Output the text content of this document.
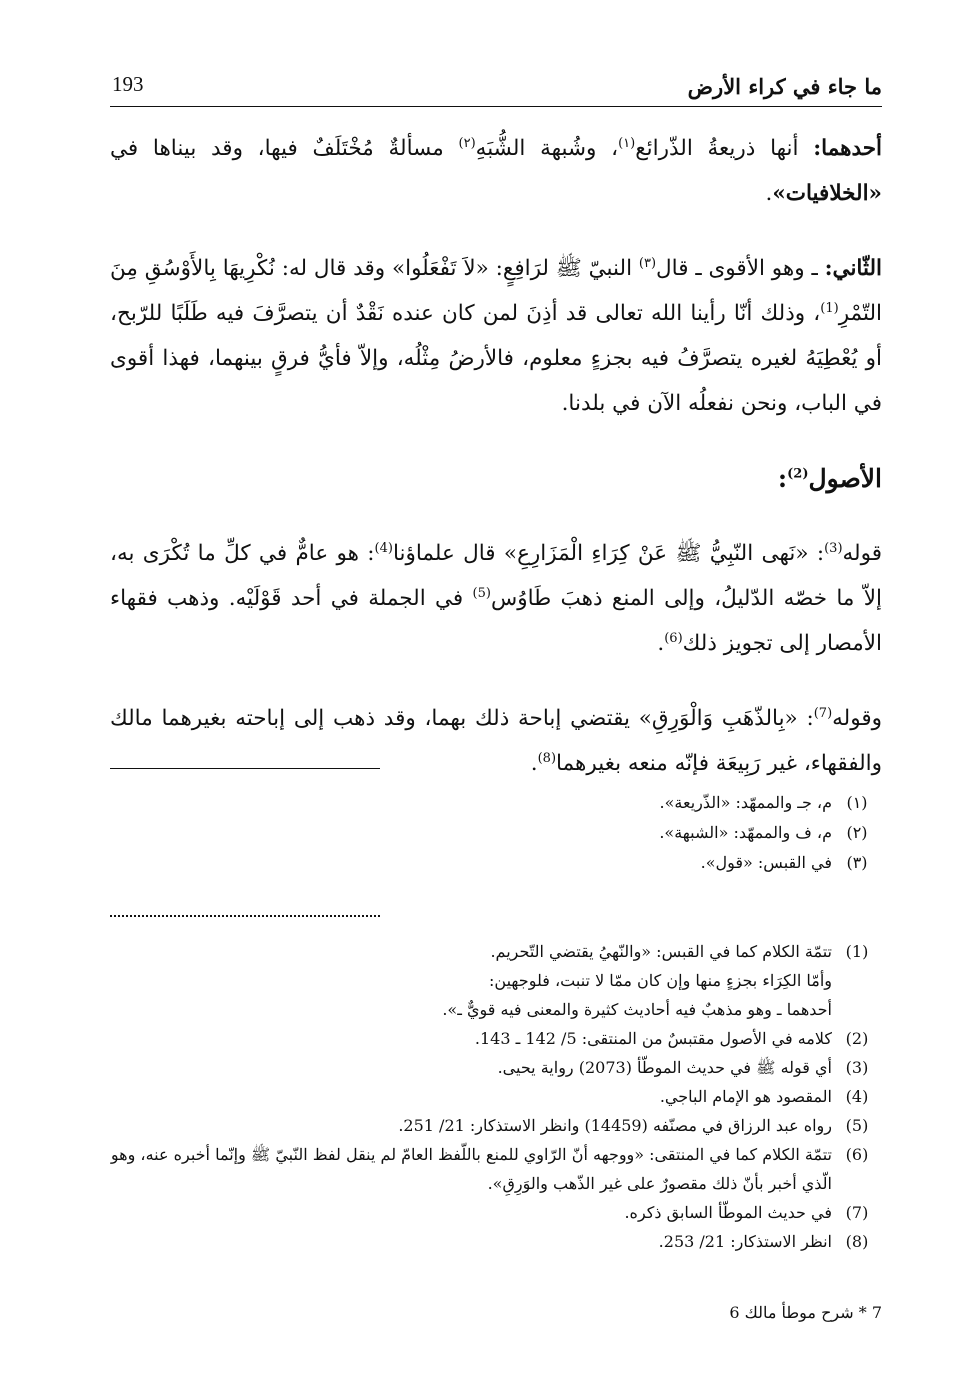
ما جاء في كراء الأرض
193

أحدهما: أنها ذريعةُ الذّرائع$^{(١)}$، وشُبهة الشُّبَهِ$^{(٢)}$ مسألةٌ مُخْتَلَفٌ فيها، وقد بيناها في «الخلافيات».

الثّاني: ـ وهو الأقوى ـ قال$^{(٣)}$ النبيّ ﷺ لرَافِعٍ: «لاَ تَفْعَلُوا» وقد قال له: نُكْرِيهَا بِالأَوْسُقِ مِنَ التّمْرِ$^{(1)}$، وذلك أنّا رأينا الله تعالى قد أذِنَ لمن كان عنده نَقْدٌ أن يتصرَّفَ فيه طَلَبًا للرّبح، أو يُعْطِيَهُ لغيره يتصرَّفُ فيه بجزءٍ معلوم، فالأرضُ مِثْلُه، وإلاّ فأيُّ فرقٍ بينهما، فهذا أقوى في الباب، ونحن نفعلُه الآن في بلدنا.

الأصول$^{(2)}$:

قوله$^{(3)}$: «نَهى النّبِيُّ ﷺ عَنْ كِرَاءِ الْمَزَارِعِ» قال علماؤنا$^{(4)}$: هو عامٌّ في كلِّ ما تُكْرَى به، إلاّ ما خصّه الدّليلُ، وإلى المنع ذهبَ طَاوُس$^{(5)}$ في الجملة في أحد قَوْلَيْه. وذهب فقهاء الأمصار إلى تجويز ذلك$^{(6)}$.

وقوله$^{(7)}$: «بِالذّهَبِ وَالْوَرِقِ» يقتضي إباحة ذلك بهما، وقد ذهب إلى إباحته بغيرهما مالك والفقهاء، غير رَبِيعَة فإنّه منعه بغيرهما$^{(8)}$.

(١)
م، جـ والممهّد: «الذّريعة».
(٢)
م، ف والممهّد: «الشبهة».
(٣)
في القبس: «قول».
(1)
تتمّة الكلام كما في القبس: «والنّهيُ يقتضي التّحريم.
وأمّا الكِرَاء بجزءٍ منها وإن كان ممّا لا تنبت، فلوجهين:
أحدهما ـ وهو مذهبٌ فيه أحاديث كثيرة والمعنى فيه قويٌّ ـ».
(2)
كلامه في الأصول مقتبسٌ من المنتقى: 5/ 142 ـ 143.
(3)
أي قوله ﷺ في حديث الموطّأ (2073) رواية يحيى.
(4)
المقصود هو الإمام الباجي.
(5)
رواه عبد الرزاق في مصنّفه (14459) وانظر الاستذكار: 21/ 251.
(6)
تتمّة الكلام كما في المنتقى: «ووجهه أنّ الرّاوي للمنع باللّفظ العامّ لم ينقل لفظ النّبيّ ﷺ وإنّما أخبره عنه، وهو الّذي أخبر بأنّ ذلك مقصورٌ على غير الذّهب والوَرِقِ».
(7)
في حديث الموطّأ السابق ذكره.
(8)
انظر الاستذكار: 21/ 253.
7 * شرح موطأ مالك 6
